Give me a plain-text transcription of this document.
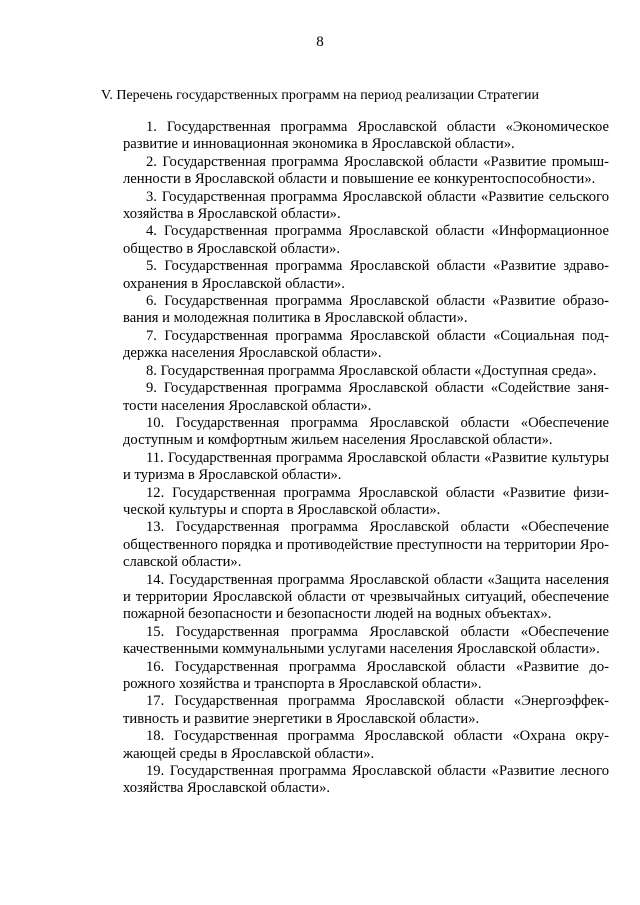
8
V. Перечень государственных программ на период реализации Стратегии

1. Государственная программа Ярославской области «Экономическое развитие и инновационная экономика в Ярославской области».

2. Государственная программа Ярославской области «Развитие промышленности в Ярославской области и повышение ее конкурентоспособности».

3. Государственная программа Ярославской области «Развитие сельского хозяйства в Ярославской области».

4. Государственная программа Ярославской области «Информационное общество в Ярославской области».

5. Государственная программа Ярославской области «Развитие здравоохранения в Ярославской области».

6. Государственная программа Ярославской области «Развитие образования и молодежная политика в Ярославской области».

7. Государственная программа Ярославской области «Социальная поддержка населения Ярославской области».

8. Государственная программа Ярославской области «Доступная среда».

9. Государственная программа Ярославской области «Содействие занятости населения Ярославской области».

10. Государственная программа Ярославской области «Обеспечение доступным и комфортным жильем населения Ярославской области».

11. Государственная программа Ярославской области «Развитие культуры и туризма в Ярославской области».

12. Государственная программа Ярославской области «Развитие физической культуры и спорта в Ярославской области».

13. Государственная программа Ярославской области «Обеспечение общественного порядка и противодействие преступности на территории Ярославской области».

14. Государственная программа Ярославской области «Защита населения и территории Ярославской области от чрезвычайных ситуаций, обеспечение пожарной безопасности и безопасности людей на водных объектах».

15. Государственная программа Ярославской области «Обеспечение качественными коммунальными услугами населения Ярославской области».

16. Государственная программа Ярославской области «Развитие дорожного хозяйства и транспорта в Ярославской области».

17. Государственная программа Ярославской области «Энергоэффективность и развитие энергетики в Ярославской области».

18. Государственная программа Ярославской области «Охрана окружающей среды в Ярославской области».

19. Государственная программа Ярославской области «Развитие лесного хозяйства Ярославской области».
